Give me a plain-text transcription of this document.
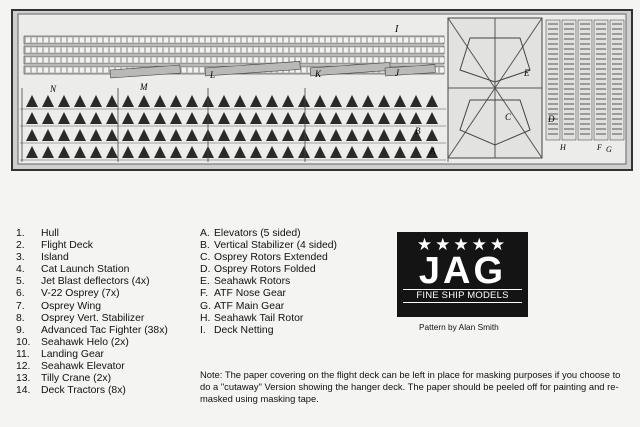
I
N	M
L	K	J
B
A
C	D
E
H	F G
1. Hull
2. Flight Deck
3. Island
4. Cat Launch Station
5. Jet Blast deflectors (4x)
6. V-22 Osprey (7x)
7. Osprey Wing
8. Osprey Vert. Stabilizer
9. Advanced Tac Fighter (38x)
10. Seahawk Helo (2x)
11. Landing Gear
12. Seahawk Elevator
13. Tilly Crane (2x)
14. Deck Tractors (8x)
A. Elevators (5 sided)
B. Vertical Stabilizer (4 sided)
C. Osprey Rotors Extended
D. Osprey Rotors Folded
E. Seahawk Rotors
F. ATF Nose Gear
G. ATF Main Gear
H. Seahawk Tail Rotor
I. Deck Netting
★★★★★
JAG
FINE SHIP MODELS
Pattern by Alan Smith
Note: The paper covering on the flight deck can be left in place for masking purposes if you choose to do a "cutaway" Version showing the hanger deck. The paper should be peeled off for painting and re-masked using masking tape.
